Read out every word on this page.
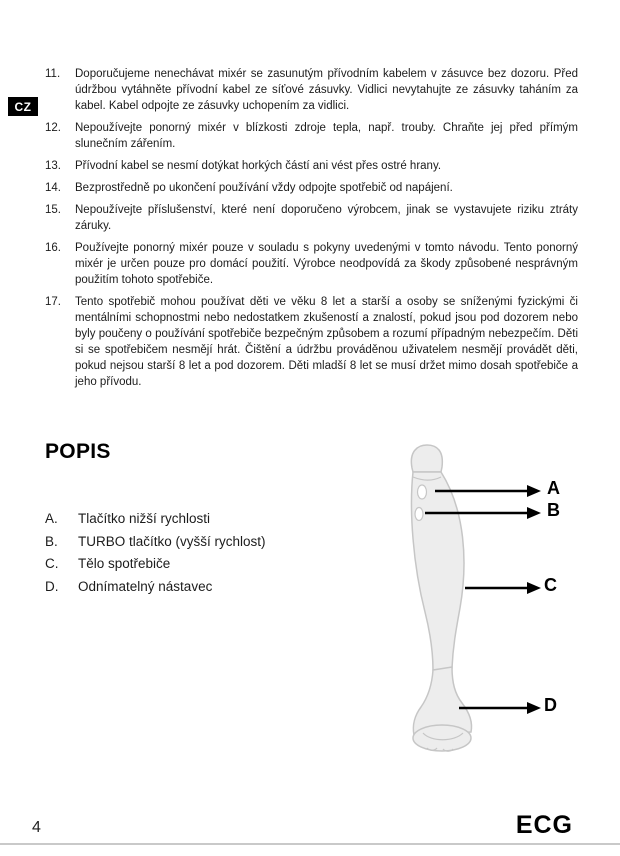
CZ
11.	Doporučujeme nenechávat mixér se zasunutým přívodním kabelem v zásuvce bez dozoru. Před údržbou vytáhněte přívodní kabel ze síťové zásuvky. Vidlici nevytahujte ze zásuvky taháním za kabel. Kabel odpojte ze zásuvky uchopením za vidlici.
12.	Nepoužívejte ponorný mixér v blízkosti zdroje tepla, např. trouby. Chraňte jej před přímým slunečním zářením.
13.	Přívodní kabel se nesmí dotýkat horkých částí ani vést přes ostré hrany.
14.	Bezprostředně po ukončení používání vždy odpojte spotřebič od napájení.
15.	Nepoužívejte příslušenství, které není doporučeno výrobcem, jinak se vystavujete riziku ztráty záruky.
16.	Používejte ponorný mixér pouze v souladu s pokyny uvedenými v tomto návodu. Tento ponorný mixér je určen pouze pro domácí použití. Výrobce neodpovídá za škody způsobené nesprávným použitím tohoto spotřebiče.
17.	Tento spotřebič mohou používat děti ve věku 8 let a starší a osoby se sníženými fyzickými či mentálními schopnostmi nebo nedostatkem zkušeností a znalostí, pokud jsou pod dozorem nebo byly poučeny o používání spotřebiče bezpečným způsobem a rozumí případným nebezpečím. Děti si se spotřebičem nesmějí hrát. Čištění a údržbu prováděnou uživatelem nesmějí provádět děti, pokud nejsou starší 8 let a pod dozorem. Děti mladší 8 let se musí držet mimo dosah spotřebiče a jeho přívodu.
POPIS
A.	Tlačítko nižší rychlosti
B.	TURBO tlačítko (vyšší rychlost)
C.	Tělo spotřebiče
D.	Odnímatelný nástavec
A
B
C
D
4	ECG
